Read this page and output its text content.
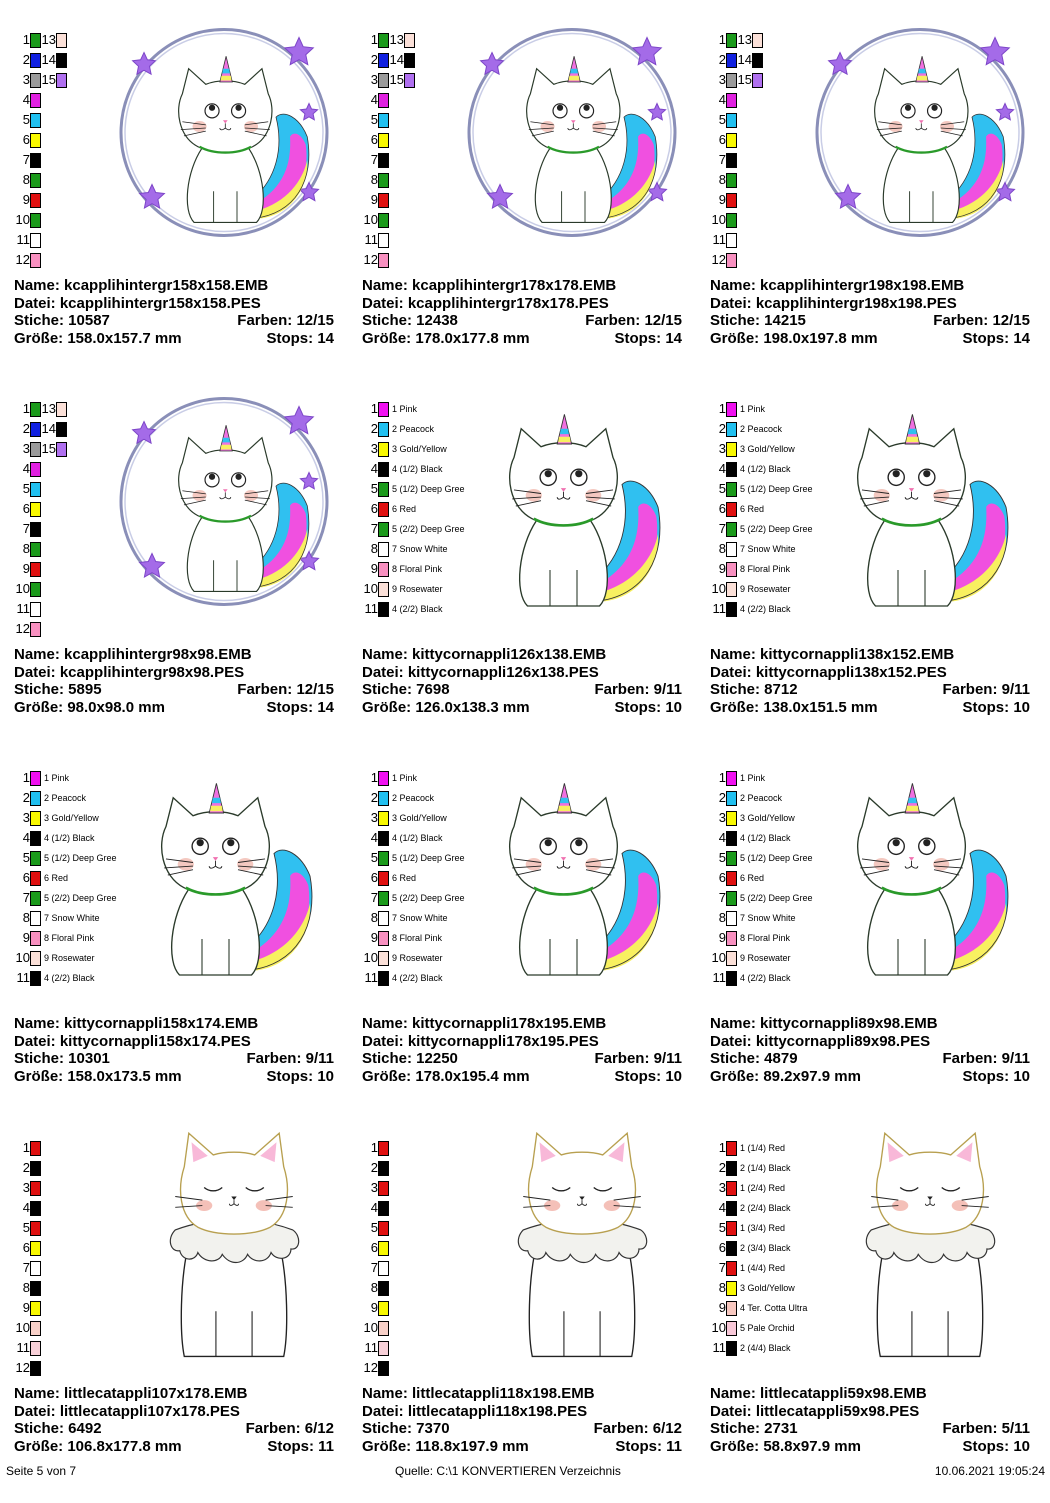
1 13
2 14
3 15
4
5
6
7
8
9
10
11
12
Name: kcapplihintergr158x158.EMB
Datei: kcapplihintergr158x158.PES
Stiche: 10587	Farben: 12/15
Größe: 158.0x157.7 mm	Stops: 14
1 13
2 14
3 15
4
5
6
7
8
9
10
11
12
Name: kcapplihintergr178x178.EMB
Datei: kcapplihintergr178x178.PES
Stiche: 12438	Farben: 12/15
Größe: 178.0x177.8 mm	Stops: 14
1 13
2 14
3 15
4
5
6
7
8
9
10
11
12
Name: kcapplihintergr198x198.EMB
Datei: kcapplihintergr198x198.PES
Stiche: 14215	Farben: 12/15
Größe: 198.0x197.8 mm	Stops: 14
1 13
2 14
3 15
4
5
6
7
8
9
10
11
12
Name: kcapplihintergr98x98.EMB
Datei: kcapplihintergr98x98.PES
Stiche: 5895	Farben: 12/15
Größe: 98.0x98.0 mm	Stops: 14
1 1 Pink
2 2 Peacock
3 3 Gold/Yellow
4 4 (1/2) Black
5 5 (1/2) Deep Gree
6 6 Red
7 5 (2/2) Deep Gree
8 7 Snow White
9 8 Floral Pink
10 9 Rosewater
11 4 (2/2) Black
Name: kittycornappli126x138.EMB
Datei: kittycornappli126x138.PES
Stiche: 7698	Farben: 9/11
Größe: 126.0x138.3 mm	Stops: 10
1 1 Pink
2 2 Peacock
3 3 Gold/Yellow
4 4 (1/2) Black
5 5 (1/2) Deep Gree
6 6 Red
7 5 (2/2) Deep Gree
8 7 Snow White
9 8 Floral Pink
10 9 Rosewater
11 4 (2/2) Black
Name: kittycornappli138x152.EMB
Datei: kittycornappli138x152.PES
Stiche: 8712	Farben: 9/11
Größe: 138.0x151.5 mm	Stops: 10
1 1 Pink
2 2 Peacock
3 3 Gold/Yellow
4 4 (1/2) Black
5 5 (1/2) Deep Gree
6 6 Red
7 5 (2/2) Deep Gree
8 7 Snow White
9 8 Floral Pink
10 9 Rosewater
11 4 (2/2) Black
Name: kittycornappli158x174.EMB
Datei: kittycornappli158x174.PES
Stiche: 10301	Farben: 9/11
Größe: 158.0x173.5 mm	Stops: 10
1 1 Pink
2 2 Peacock
3 3 Gold/Yellow
4 4 (1/2) Black
5 5 (1/2) Deep Gree
6 6 Red
7 5 (2/2) Deep Gree
8 7 Snow White
9 8 Floral Pink
10 9 Rosewater
11 4 (2/2) Black
Name: kittycornappli178x195.EMB
Datei: kittycornappli178x195.PES
Stiche: 12250	Farben: 9/11
Größe: 178.0x195.4 mm	Stops: 10
1 1 Pink
2 2 Peacock
3 3 Gold/Yellow
4 4 (1/2) Black
5 5 (1/2) Deep Gree
6 6 Red
7 5 (2/2) Deep Gree
8 7 Snow White
9 8 Floral Pink
10 9 Rosewater
11 4 (2/2) Black
Name: kittycornappli89x98.EMB
Datei: kittycornappli89x98.PES
Stiche: 4879	Farben: 9/11
Größe: 89.2x97.9 mm	Stops: 10
1
2
3
4
5
6
7
8
9
10
11
12
Name: littlecatappli107x178.EMB
Datei: littlecatappli107x178.PES
Stiche: 6492	Farben: 6/12
Größe: 106.8x177.8 mm	Stops: 11
1
2
3
4
5
6
7
8
9
10
11
12
Name: littlecatappli118x198.EMB
Datei: littlecatappli118x198.PES
Stiche: 7370	Farben: 6/12
Größe: 118.8x197.9 mm	Stops: 11
1 1 (1/4) Red
2 2 (1/4) Black
3 1 (2/4) Red
4 2 (2/4) Black
5 1 (3/4) Red
6 2 (3/4) Black
7 1 (4/4) Red
8 3 Gold/Yellow
9 4 Ter. Cotta Ultra
10 5 Pale Orchid
11 2 (4/4) Black
Name: littlecatappli59x98.EMB
Datei: littlecatappli59x98.PES
Stiche: 2731	Farben: 5/11
Größe: 58.8x97.9 mm	Stops: 10
Seite 5 von 7	Quelle: C:\1 KONVERTIEREN Verzeichnis	10.06.2021 19:05:24
